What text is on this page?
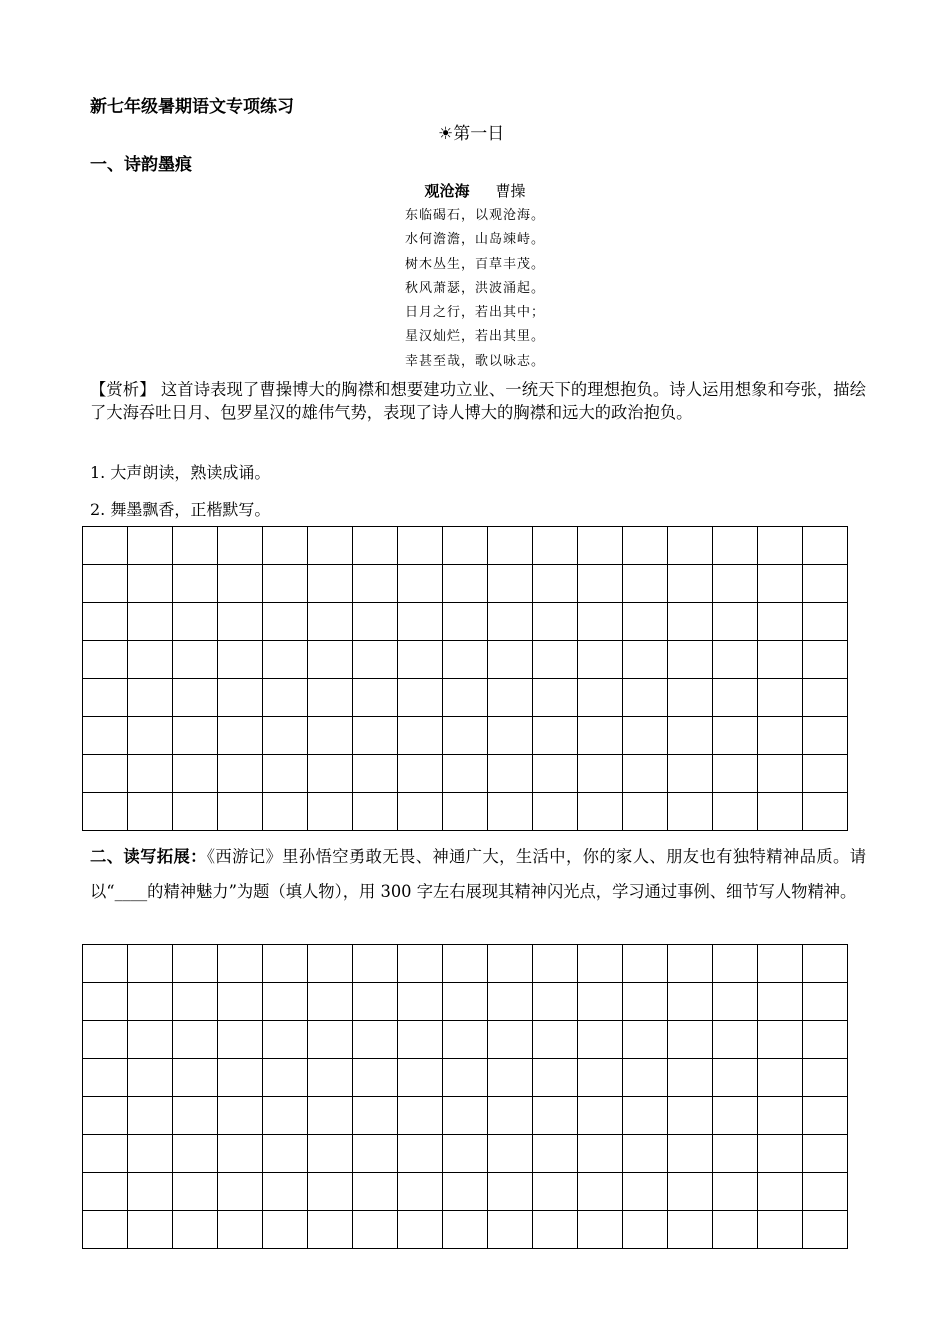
新七年级暑期语文专项练习
☀第一日
一、诗韵墨痕
观沧海 曹操
东临碣石，以观沧海。
水何澹澹，山岛竦峙。
树木丛生，百草丰茂。
秋风萧瑟，洪波涌起。
日月之行，若出其中；
星汉灿烂，若出其里。
幸甚至哉，歌以咏志。
【赏析】 这首诗表现了曹操博大的胸襟和想要建功立业、一统天下的理想抱负。诗人运用想象和夸张，描绘了大海吞吐日月、包罗星汉的雄伟气势，表现了诗人博大的胸襟和远大的政治抱负。
1. 大声朗读，熟读成诵。
2. 舞墨飘香，正楷默写。

二、读写拓展：《西游记》里孙悟空勇敢无畏、神通广大，生活中，你的家人、朋友也有独特精神品质。请以“____的精神魅力”为题（填人物），用 300 字左右展现其精神闪光点，学习通过事例、细节写人物精神。
